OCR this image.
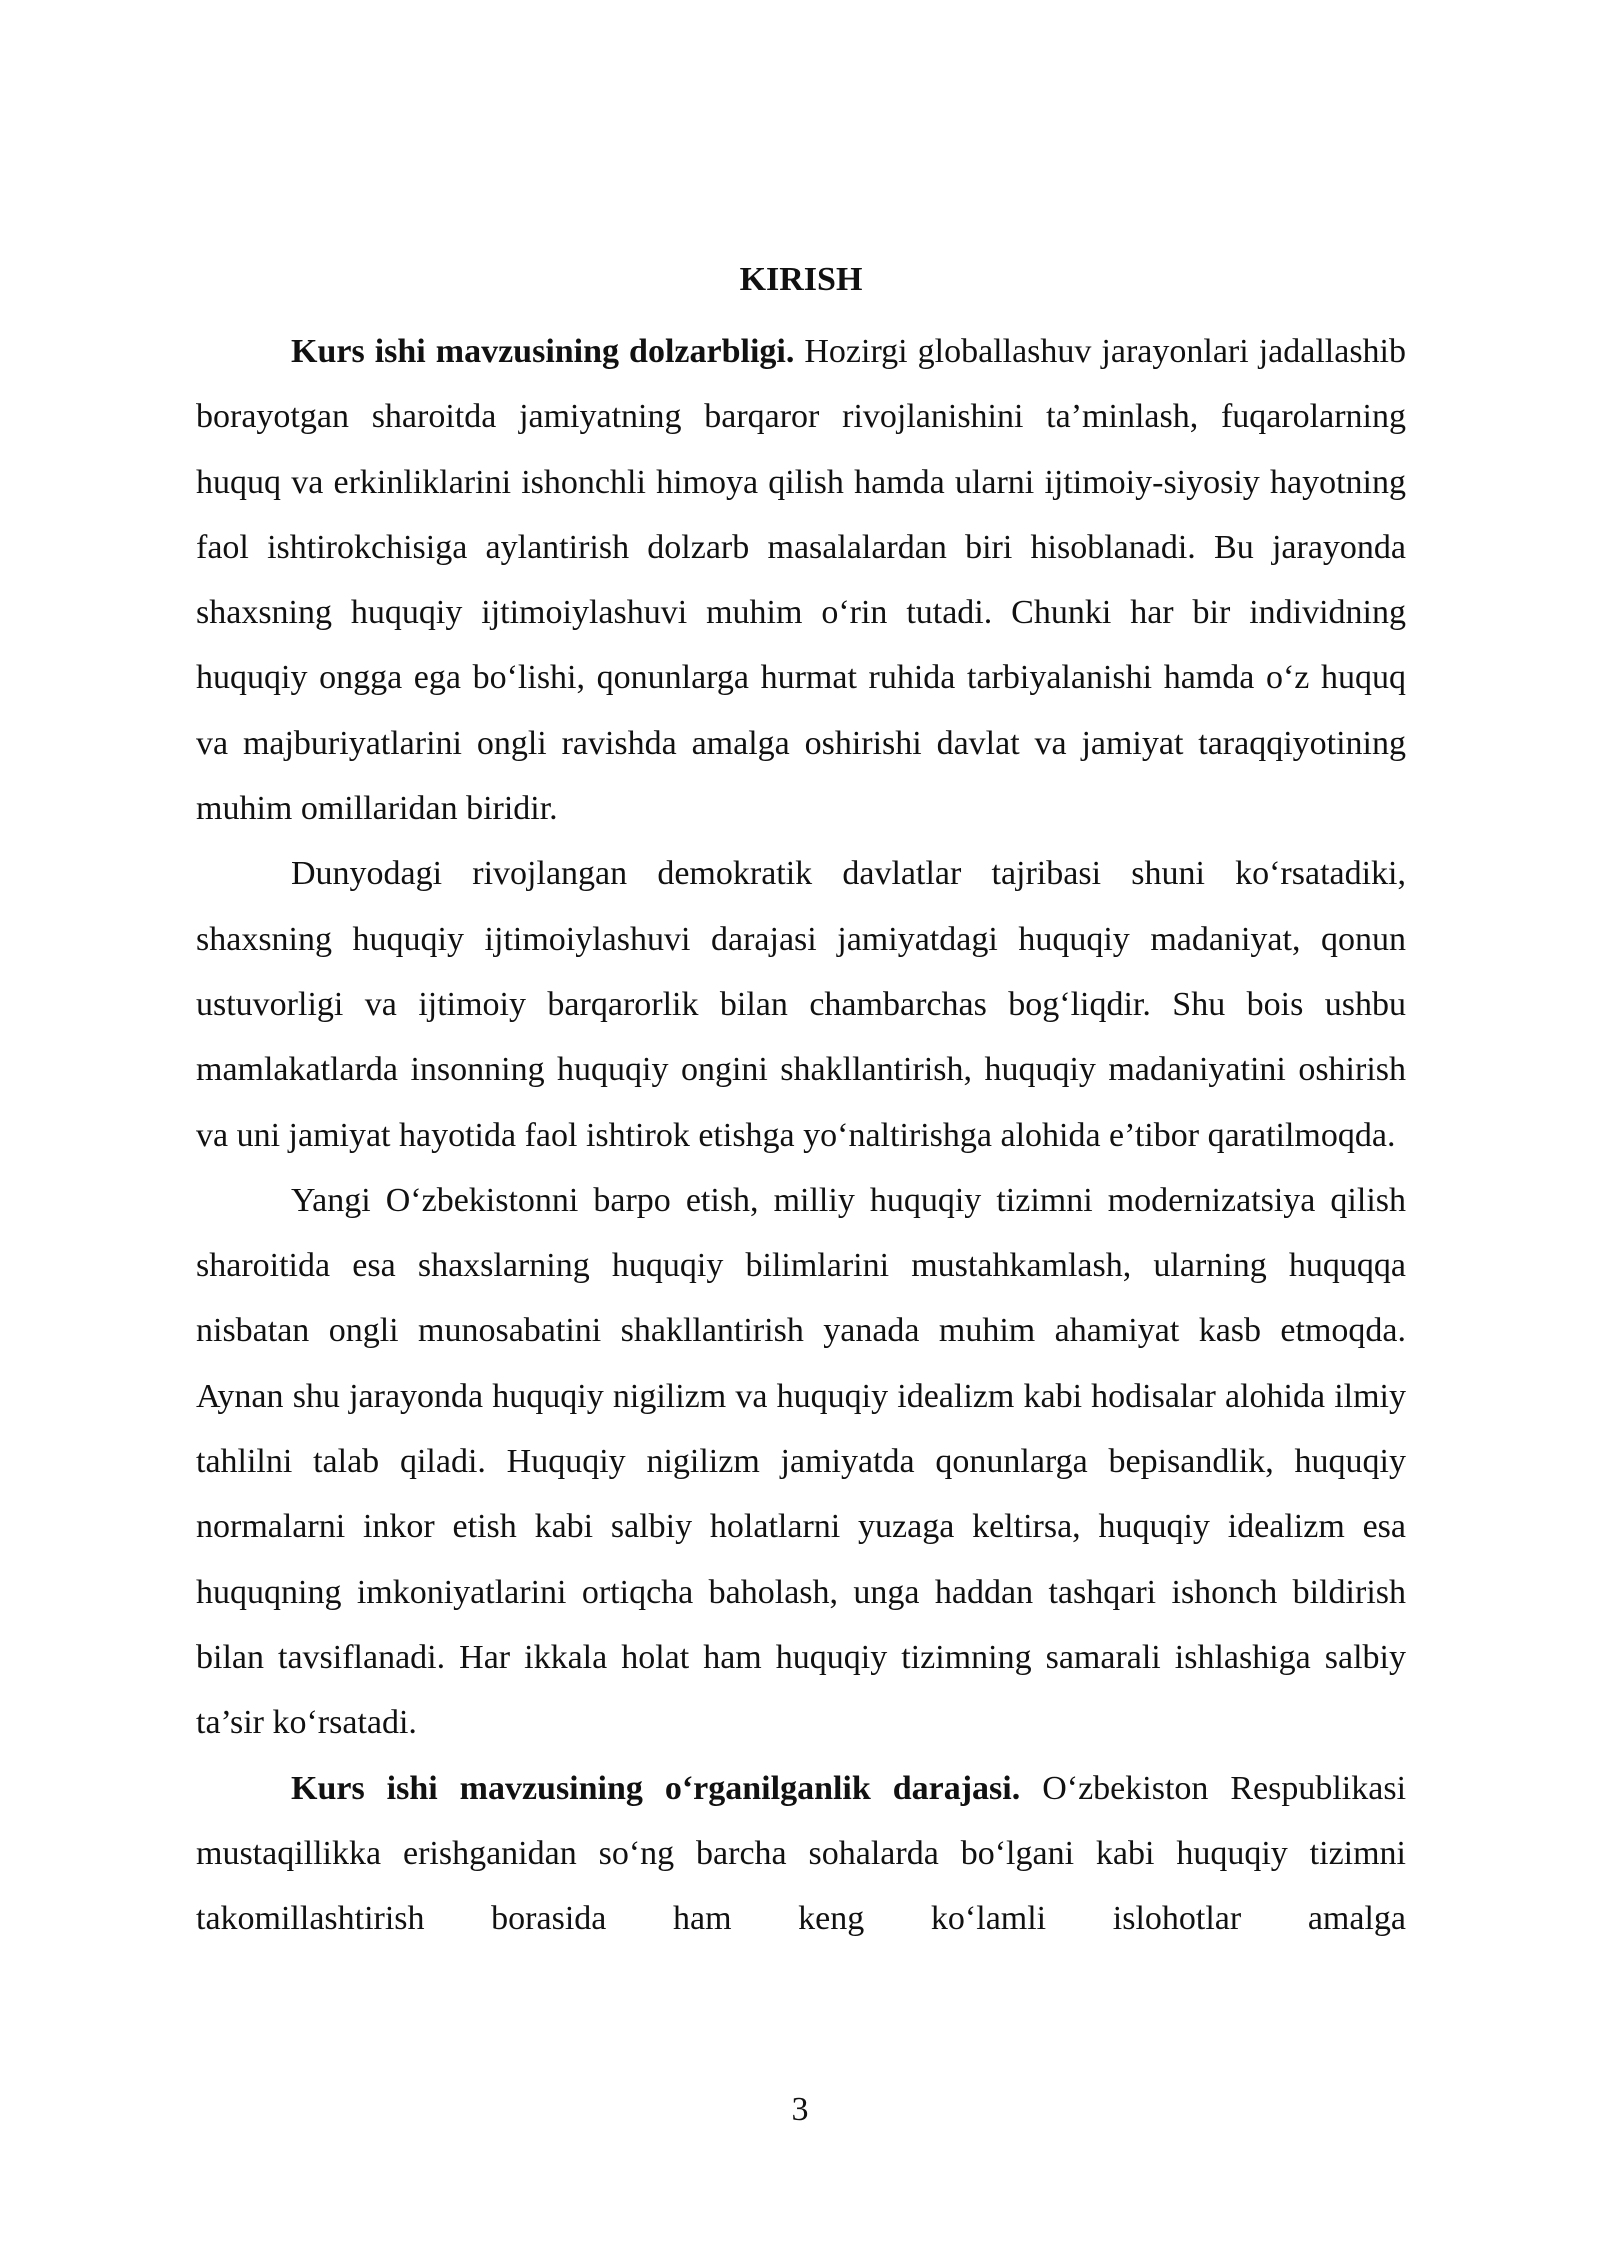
KIRISH

Kurs ishi mavzusining dolzarbligi. Hozirgi globallashuv jarayonlari jadallashib borayotgan sharoitda jamiyatning barqaror rivojlanishini ta’minlash, fuqarolarning huquq va erkinliklarini ishonchli himoya qilish hamda ularni ijtimoiy-siyosiy hayotning faol ishtirokchisiga aylantirish dolzarb masalalardan biri hisoblanadi. Bu jarayonda shaxsning huquqiy ijtimoiylashuvi muhim o‘rin tutadi. Chunki har bir individning huquqiy ongga ega bo‘lishi, qonunlarga hurmat ruhida tarbiyalanishi hamda o‘z huquq va majburiyatlarini ongli ravishda amalga oshirishi davlat va jamiyat taraqqiyotining muhim omillaridan biridir.

Dunyodagi rivojlangan demokratik davlatlar tajribasi shuni ko‘rsatadiki, shaxsning huquqiy ijtimoiylashuvi darajasi jamiyatdagi huquqiy madaniyat, qonun ustuvorligi va ijtimoiy barqarorlik bilan chambarchas bog‘liqdir. Shu bois ushbu mamlakatlarda insonning huquqiy ongini shakllantirish, huquqiy madaniyatini oshirish va uni jamiyat hayotida faol ishtirok etishga yo‘naltirishga alohida e’tibor qaratilmoqda.

Yangi O‘zbekistonni barpo etish, milliy huquqiy tizimni modernizatsiya qilish sharoitida esa shaxslarning huquqiy bilimlarini mustahkamlash, ularning huquqqa nisbatan ongli munosabatini shakllantirish yanada muhim ahamiyat kasb etmoqda. Aynan shu jarayonda huquqiy nigilizm va huquqiy idealizm kabi hodisalar alohida ilmiy tahlilni talab qiladi. Huquqiy nigilizm jamiyatda qonunlarga bepisandlik, huquqiy normalarni inkor etish kabi salbiy holatlarni yuzaga keltirsa, huquqiy idealizm esa huquqning imkoniyatlarini ortiqcha baholash, unga haddan tashqari ishonch bildirish bilan tavsiflanadi. Har ikkala holat ham huquqiy tizimning samarali ishlashiga salbiy ta’sir ko‘rsatadi.

Kurs ishi mavzusining o‘rganilganlik darajasi. O‘zbekiston Respublikasi mustaqillikka erishganidan so‘ng barcha sohalarda bo‘lgani kabi huquqiy tizimni takomillashtirish borasida ham keng ko‘lamli islohotlar amalga

3
